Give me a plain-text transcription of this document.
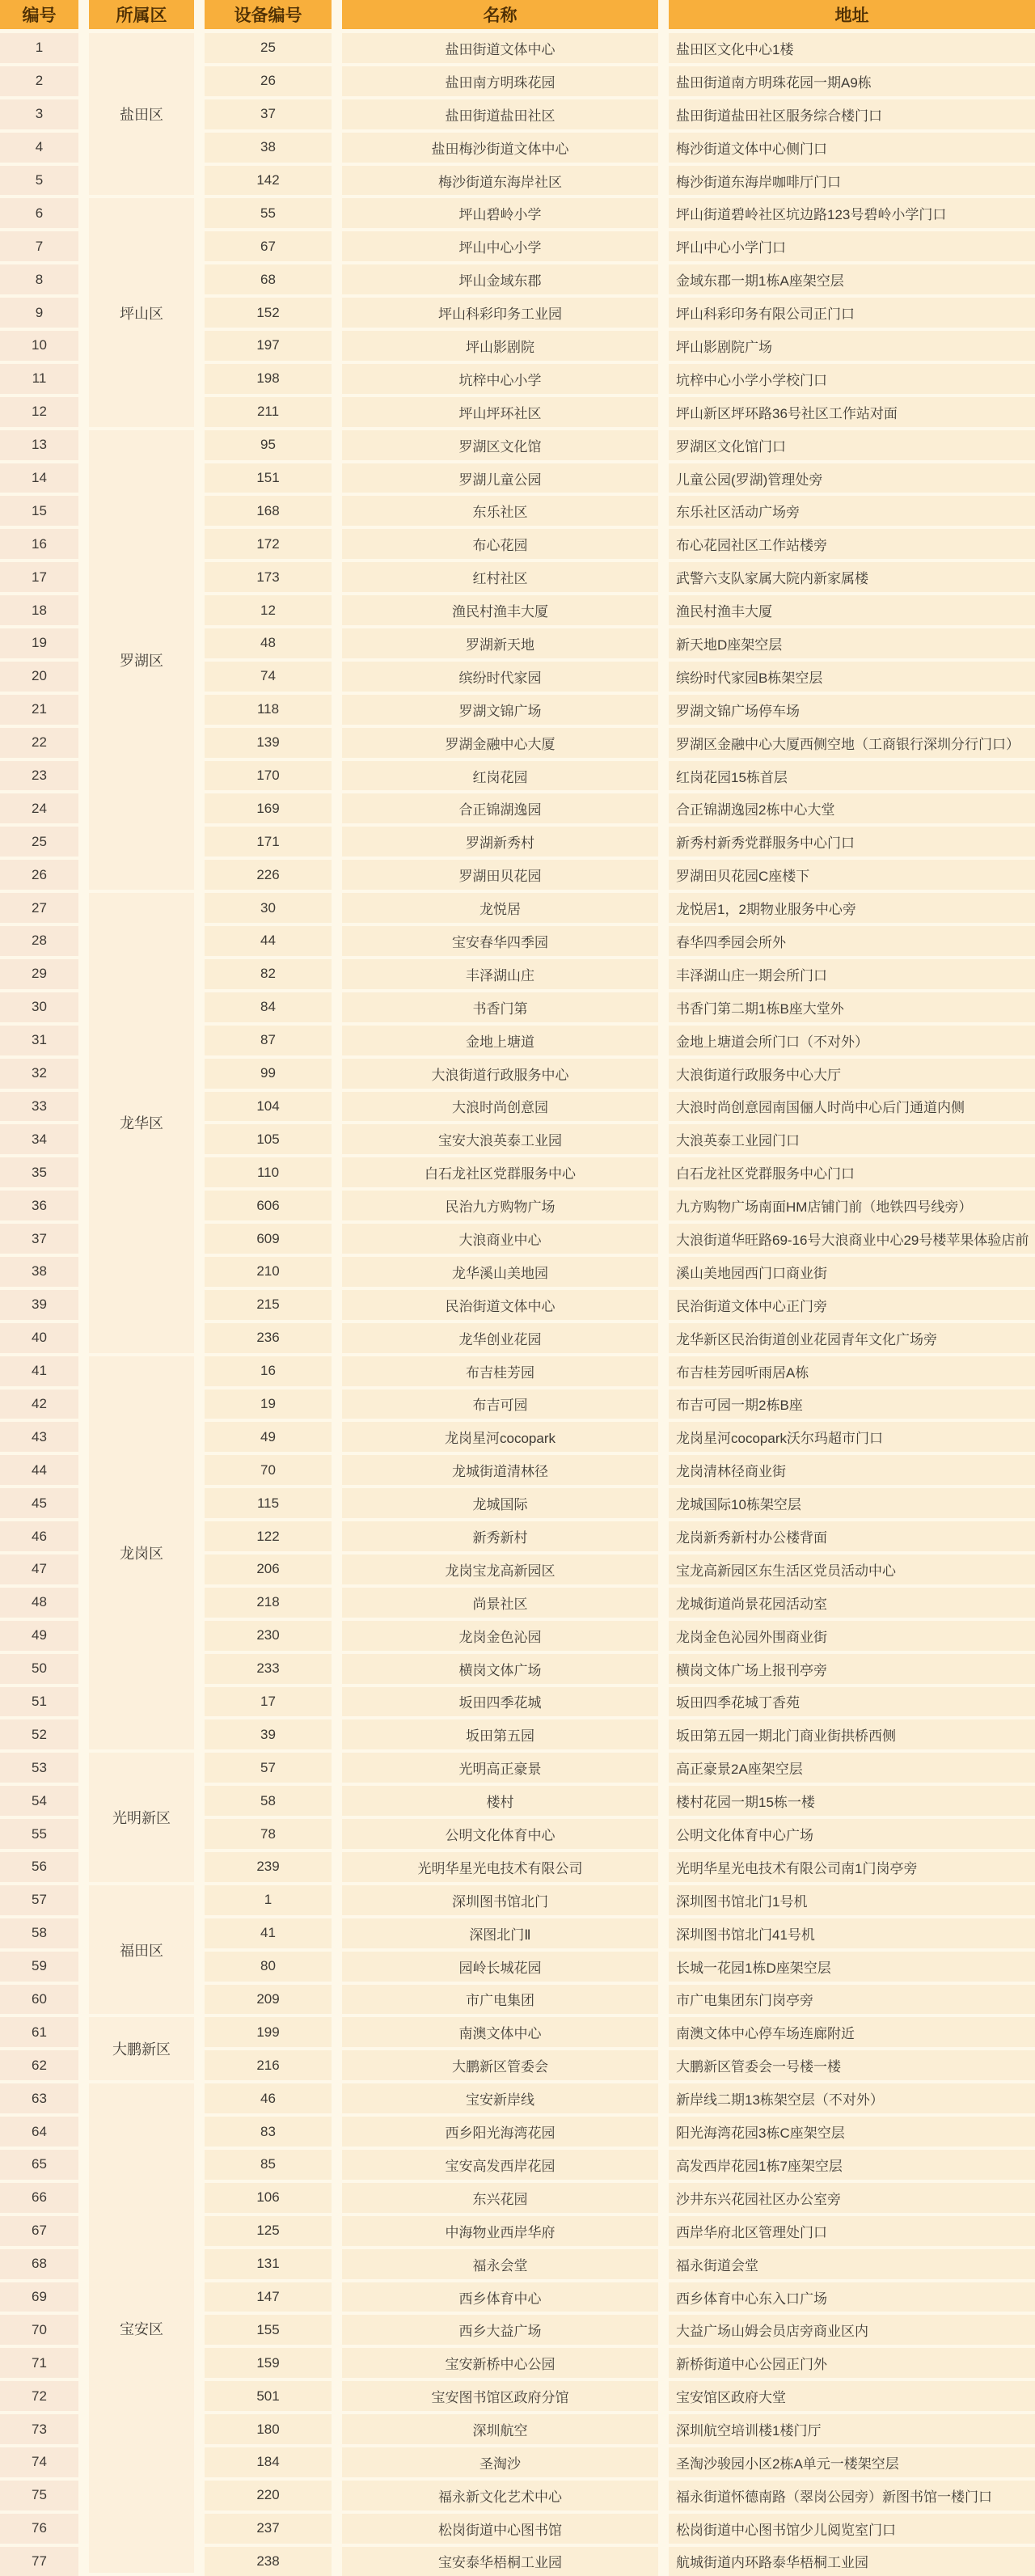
编号	所属区	设备编号	名称	地址
1	盐田区	25	盐田街道文体中心	盐田区文化中心1楼
2		26	盐田南方明珠花园	盐田街道南方明珠花园一期A9栋
3		37	盐田街道盐田社区	盐田街道盐田社区服务综合楼门口
4		38	盐田梅沙街道文体中心	梅沙街道文体中心侧门口
5		142	梅沙街道东海岸社区	梅沙街道东海岸咖啡厅门口
6	坪山区	55	坪山碧岭小学	坪山街道碧岭社区坑边路123号碧岭小学门口
7		67	坪山中心小学	坪山中心小学门口
8		68	坪山金域东郡	金域东郡一期1栋A座架空层
9		152	坪山科彩印务工业园	坪山科彩印务有限公司正门口
10		197	坪山影剧院	坪山影剧院广场
11		198	坑梓中心小学	坑梓中心小学小学校门口
12		211	坪山坪环社区	坪山新区坪环路36号社区工作站对面
13	罗湖区	95	罗湖区文化馆	罗湖区文化馆门口
14		151	罗湖儿童公园	儿童公园(罗湖)管理处旁
15		168	东乐社区	东乐社区活动广场旁
16		172	布心花园	布心花园社区工作站楼旁
17		173	红村社区	武警六支队家属大院内新家属楼
18		12	渔民村渔丰大厦	渔民村渔丰大厦
19		48	罗湖新天地	新天地D座架空层
20		74	缤纷时代家园	缤纷时代家园B栋架空层
21		118	罗湖文锦广场	罗湖文锦广场停车场
22		139	罗湖金融中心大厦	罗湖区金融中心大厦西侧空地（工商银行深圳分行门口）
23		170	红岗花园	红岗花园15栋首层
24		169	合正锦湖逸园	合正锦湖逸园2栋中心大堂
25		171	罗湖新秀村	新秀村新秀党群服务中心门口
26		226	罗湖田贝花园	罗湖田贝花园C座楼下
27	龙华区	30	龙悦居	龙悦居1，2期物业服务中心旁
28		44	宝安春华四季园	春华四季园会所外
29		82	丰泽湖山庄	丰泽湖山庄一期会所门口
30		84	书香门第	书香门第二期1栋B座大堂外
31		87	金地上塘道	金地上塘道会所门口（不对外）
32		99	大浪街道行政服务中心	大浪街道行政服务中心大厅
33		104	大浪时尚创意园	大浪时尚创意园南国俪人时尚中心后门通道内侧
34		105	宝安大浪英泰工业园	大浪英泰工业园门口
35		110	白石龙社区党群服务中心	白石龙社区党群服务中心门口
36		606	民治九方购物广场	九方购物广场南面HM店铺门前（地铁四号线旁）
37		609	大浪商业中心	大浪街道华旺路69-16号大浪商业中心29号楼苹果体验店前
38		210	龙华溪山美地园	溪山美地园西门口商业街
39		215	民治街道文体中心	民治街道文体中心正门旁
40		236	龙华创业花园	龙华新区民治街道创业花园青年文化广场旁
41	龙岗区	16	布吉桂芳园	布吉桂芳园听雨居A栋
42		19	布吉可园	布吉可园一期2栋B座
43		49	龙岗星河cocopark	龙岗星河cocopark沃尔玛超市门口
44		70	龙城街道清林径	龙岗清林径商业街
45		115	龙城国际	龙城国际10栋架空层
46		122	新秀新村	龙岗新秀新村办公楼背面
47		206	龙岗宝龙高新园区	宝龙高新园区东生活区党员活动中心
48		218	尚景社区	龙城街道尚景花园活动室
49		230	龙岗金色沁园	龙岗金色沁园外围商业街
50		233	横岗文体广场	横岗文体广场上报刊亭旁
51		17	坂田四季花城	坂田四季花城丁香苑
52		39	坂田第五园	坂田第五园一期北门商业街拱桥西侧
53	光明新区	57	光明高正豪景	高正豪景2A座架空层
54		58	楼村	楼村花园一期15栋一楼
55		78	公明文化体育中心	公明文化体育中心广场
56		239	光明华星光电技术有限公司	光明华星光电技术有限公司南1门岗亭旁
57	福田区	1	深圳图书馆北门	深圳图书馆北门1号机
58		41	深图北门Ⅱ	深圳图书馆北门41号机
59		80	园岭长城花园	长城一花园1栋D座架空层
60		209	市广电集团	市广电集团东门岗亭旁
61	大鹏新区	199	南澳文体中心	南澳文体中心停车场连廊附近
62		216	大鹏新区管委会	大鹏新区管委会一号楼一楼
63	宝安区	46	宝安新岸线	新岸线二期13栋架空层（不对外）
64		83	西乡阳光海湾花园	阳光海湾花园3栋C座架空层
65		85	宝安高发西岸花园	高发西岸花园1栋7座架空层
66		106	东兴花园	沙井东兴花园社区办公室旁
67		125	中海物业西岸华府	西岸华府北区管理处门口
68		131	福永会堂	福永街道会堂
69		147	西乡体育中心	西乡体育中心东入口广场
70		155	西乡大益广场	大益广场山姆会员店旁商业区内
71		159	宝安新桥中心公园	新桥街道中心公园正门外
72		501	宝安图书馆区政府分馆	宝安馆区政府大堂
73		180	深圳航空	深圳航空培训楼1楼门厅
74		184	圣淘沙	圣淘沙骏园小区2栋A单元一楼架空层
75		220	福永新文化艺术中心	福永街道怀德南路（翠岗公园旁）新图书馆一楼门口
76		237	松岗街道中心图书馆	松岗街道中心图书馆少儿阅览室门口
77		238	宝安泰华梧桐工业园	航城街道内环路泰华梧桐工业园
